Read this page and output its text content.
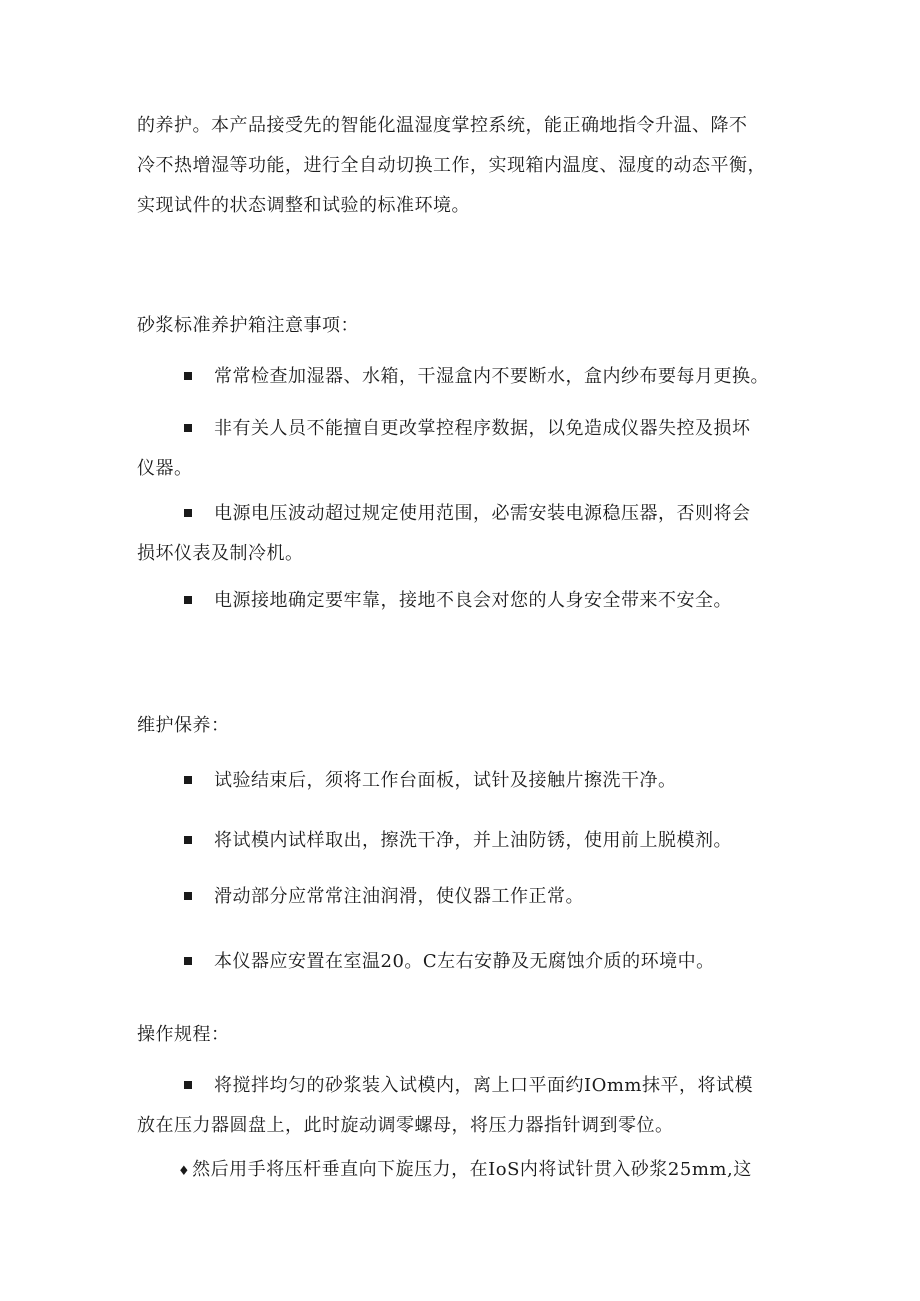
的养护。本产品接受先的智能化温湿度掌控系统，能正确地指令升温、降不
冷不热增湿等功能，进行全自动切换工作，实现箱内温度、湿度的动态平衡，
实现试件的状态调整和试验的标准环境。

砂浆标准养护箱注意事项：

常常检查加湿器、水箱，干湿盒内不要断水，盒内纱布要每月更换。

非有关人员不能擅自更改掌控程序数据，以免造成仪器失控及损坏
仪器。

电源电压波动超过规定使用范围，必需安装电源稳压器，否则将会
损坏仪表及制冷机。

电源接地确定要牢靠，接地不良会对您的人身安全带来不安全。

维护保养：

试验结束后，须将工作台面板，试针及接触片擦洗干净。

将试模内试样取出，擦洗干净，并上油防锈，使用前上脱模剂。

滑动部分应常常注油润滑，使仪器工作正常。

本仪器应安置在室温20。C左右安静及无腐蚀介质的环境中。

操作规程：

将搅拌均匀的砂浆装入试模内，离上口平面约IOmm抹平，将试模
放在压力器圆盘上，此时旋动调零螺母，将压力器指针调到零位。

♦ 然后用手将压杆垂直向下旋压力，在IoS内将试针贯入砂浆25mm,这
